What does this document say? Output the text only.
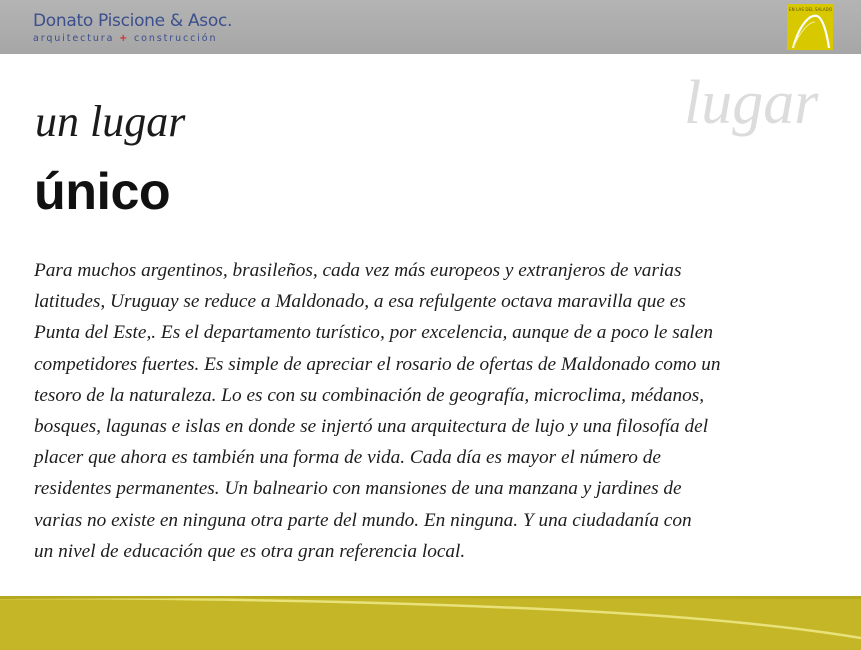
Donato Piscione & Asoc.
arquitectura + construcción
EN LAS DEL SALADO
lugar
un lugar
único
Para muchos argentinos, brasileños, cada vez más europeos y extranjeros de varias
latitudes, Uruguay se reduce a Maldonado, a esa refulgente octava maravilla que es
Punta del Este,. Es el departamento turístico, por excelencia, aunque de a poco le salen
competidores fuertes. Es simple de apreciar el rosario de ofertas de Maldonado como un
tesoro de la naturaleza. Lo es con su combinación de geografía, microclima, médanos,
bosques, lagunas e islas en donde se injertó una arquitectura de lujo y una filosofía del
placer que ahora es también una forma de vida. Cada día es mayor el número de
residentes permanentes. Un balneario con mansiones de una manzana y jardines de
varias no existe en ninguna otra parte del mundo. En ninguna. Y una ciudadanía con
un nivel de educación que es otra gran referencia local.
